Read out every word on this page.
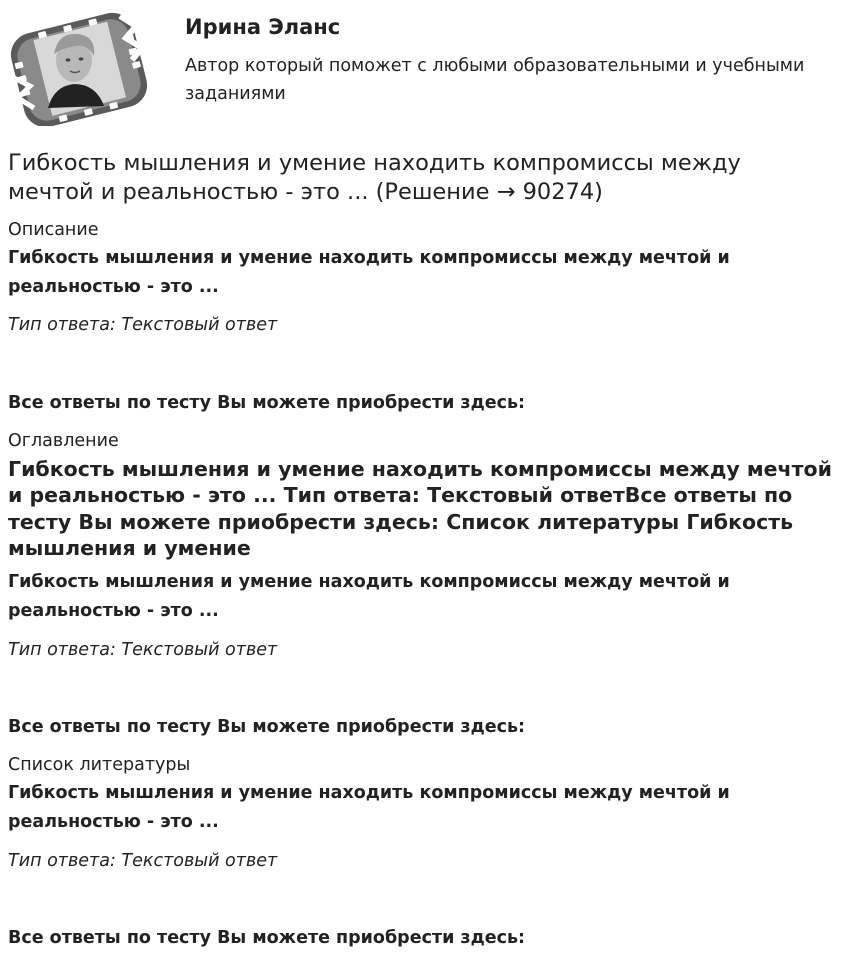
Ирина Эланс

Автор который поможет с любыми образовательными и учебными заданиями

Гибкость мышления и умение находить компромиссы между мечтой и реальностью - это ... (Решение → 90274)

Описание

Гибкость мышления и умение находить компромиссы между мечтой и реальностью - это ...

Тип ответа: Текстовый ответ

Все ответы по тесту Вы можете приобрести здесь:

Оглавление

Гибкость мышления и умение находить компромиссы между мечтой и реальностью - это ... Тип ответа: Текстовый ответВсе ответы по тесту Вы можете приобрести здесь: Список литературы Гибкость мышления и умение

Гибкость мышления и умение находить компромиссы между мечтой и реальностью - это ...

Тип ответа: Текстовый ответ

Все ответы по тесту Вы можете приобрести здесь:

Список литературы

Гибкость мышления и умение находить компромиссы между мечтой и реальностью - это ...

Тип ответа: Текстовый ответ

Все ответы по тесту Вы можете приобрести здесь:
